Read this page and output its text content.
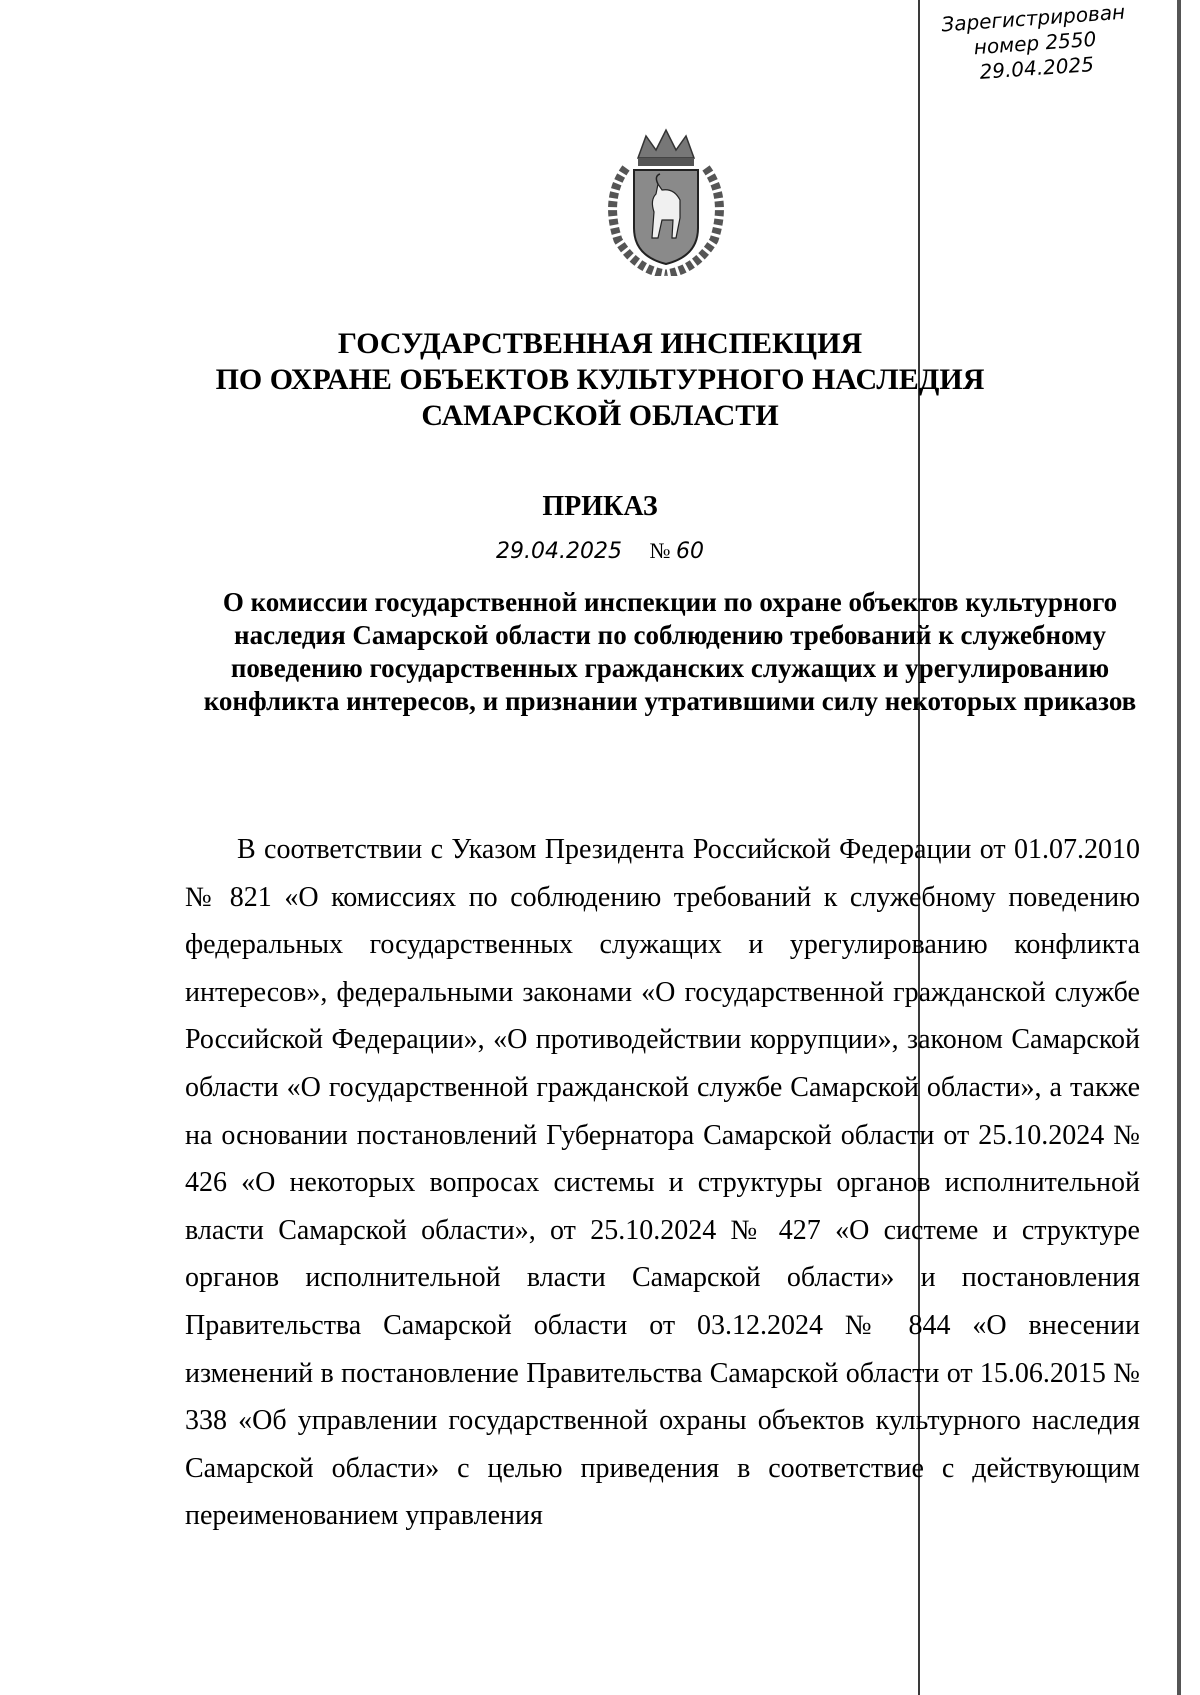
Зарегистрирован
номер 2550
29.04.2025
ГОСУДАРСТВЕННАЯ ИНСПЕКЦИЯ
ПО ОХРАНЕ ОБЪЕКТОВ КУЛЬТУРНОГО НАСЛЕДИЯ
САМАРСКОЙ ОБЛАСТИ
ПРИКАЗ
29.04.2025 № 60
О комиссии государственной инспекции по охране объектов культурного наследия Самарской области по соблюдению требований к служебному поведению государственных гражданских служащих и урегулированию конфликта интересов, и признании утратившими силу некоторых приказов

В соответствии с Указом Президента Российской Федерации от 01.07.2010 № 821 «О комиссиях по соблюдению требований к служебному поведению федеральных государственных служащих и урегулированию конфликта интересов», федеральными законами «О государственной гражданской службе Российской Федерации», «О противодействии коррупции», законом Самарской области «О государственной гражданской службе Самарской области», а также на основании постановлений Губернатора Самарской области от 25.10.2024 № 426 «О некоторых вопросах системы и структуры органов исполнительной власти Самарской области», от 25.10.2024 № 427 «О системе и структуре органов исполнительной власти Самарской области» и постановления Правительства Самарской области от 03.12.2024 № 844 «О внесении изменений в постановление Правительства Самарской области от 15.06.2015 № 338 «Об управлении государственной охраны объектов культурного наследия Самарской области» с целью приведения в соответствие с действующим переименованием управления
